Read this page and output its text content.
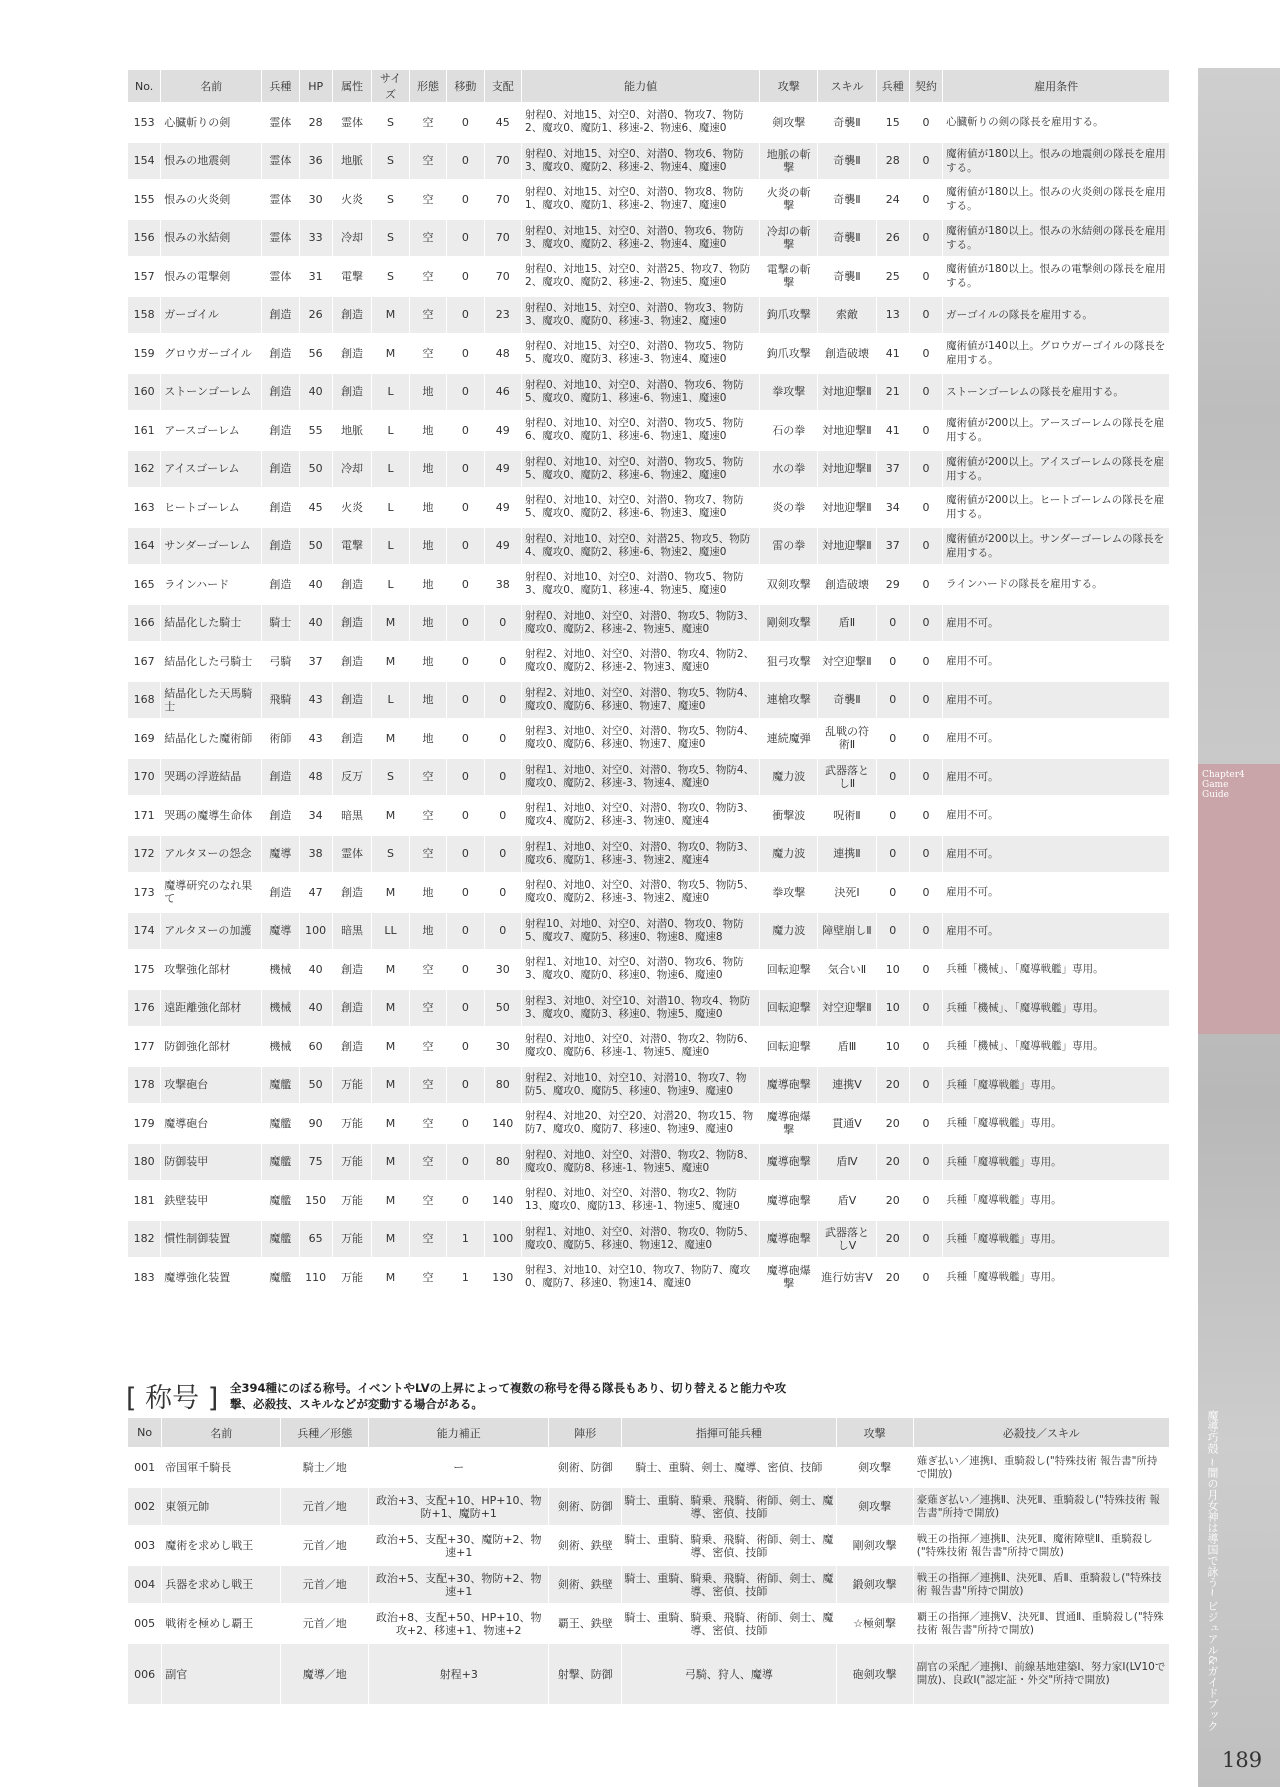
Chapter4
Game
Guide
魔導巧殻 ~闇の月女神は導国で詠う~ ビジュアル&ガイドブック
189
No.	名前	兵種	HP	属性	サイズ	形態	移動	支配	能力値	攻撃	スキル	兵種	契約	雇用条件
153	心臓斬りの剣	霊体	28	霊体	S	空	0	45	射程0、対地15、対空0、対潜0、物攻7、物防2、魔攻0、魔防1、移速-2、物速6、魔速0	剣攻撃	奇襲Ⅱ	15	0	心臓斬りの剣の隊長を雇用する。
154	恨みの地震剣	霊体	36	地脈	S	空	0	70	射程0、対地15、対空0、対潜0、物攻6、物防3、魔攻0、魔防2、移速-2、物速4、魔速0	地脈の斬撃	奇襲Ⅱ	28	0	魔術値が180以上。恨みの地震剣の隊長を雇用する。
155	恨みの火炎剣	霊体	30	火炎	S	空	0	70	射程0、対地15、対空0、対潜0、物攻8、物防1、魔攻0、魔防1、移速-2、物速7、魔速0	火炎の斬撃	奇襲Ⅱ	24	0	魔術値が180以上。恨みの火炎剣の隊長を雇用する。
156	恨みの氷結剣	霊体	33	冷却	S	空	0	70	射程0、対地15、対空0、対潜0、物攻6、物防3、魔攻0、魔防2、移速-2、物速4、魔速0	冷却の斬撃	奇襲Ⅱ	26	0	魔術値が180以上。恨みの氷結剣の隊長を雇用する。
157	恨みの電撃剣	霊体	31	電撃	S	空	0	70	射程0、対地15、対空0、対潜25、物攻7、物防2、魔攻0、魔防2、移速-2、物速5、魔速0	電撃の斬撃	奇襲Ⅱ	25	0	魔術値が180以上。恨みの電撃剣の隊長を雇用する。
158	ガーゴイル	創造	26	創造	M	空	0	23	射程0、対地15、対空0、対潜0、物攻3、物防3、魔攻0、魔防0、移速-3、物速2、魔速0	鉤爪攻撃	索敵	13	0	ガーゴイルの隊長を雇用する。
159	グロウガーゴイル	創造	56	創造	M	空	0	48	射程0、対地15、対空0、対潜0、物攻5、物防5、魔攻0、魔防3、移速-3、物速4、魔速0	鉤爪攻撃	創造破壊	41	0	魔術値が140以上。グロウガーゴイルの隊長を雇用する。
160	ストーンゴーレム	創造	40	創造	L	地	0	46	射程0、対地10、対空0、対潜0、物攻6、物防5、魔攻0、魔防1、移速-6、物速1、魔速0	拳攻撃	対地迎撃Ⅱ	21	0	ストーンゴーレムの隊長を雇用する。
161	アースゴーレム	創造	55	地脈	L	地	0	49	射程0、対地10、対空0、対潜0、物攻5、物防6、魔攻0、魔防1、移速-6、物速1、魔速0	石の拳	対地迎撃Ⅱ	41	0	魔術値が200以上。アースゴーレムの隊長を雇用する。
162	アイスゴーレム	創造	50	冷却	L	地	0	49	射程0、対地10、対空0、対潜0、物攻5、物防5、魔攻0、魔防2、移速-6、物速2、魔速0	水の拳	対地迎撃Ⅱ	37	0	魔術値が200以上。アイスゴーレムの隊長を雇用する。
163	ヒートゴーレム	創造	45	火炎	L	地	0	49	射程0、対地10、対空0、対潜0、物攻7、物防5、魔攻0、魔防2、移速-6、物速3、魔速0	炎の拳	対地迎撃Ⅱ	34	0	魔術値が200以上。ヒートゴーレムの隊長を雇用する。
164	サンダーゴーレム	創造	50	電撃	L	地	0	49	射程0、対地10、対空0、対潜25、物攻5、物防4、魔攻0、魔防2、移速-6、物速2、魔速0	雷の拳	対地迎撃Ⅱ	37	0	魔術値が200以上。サンダーゴーレムの隊長を雇用する。
165	ラインハード	創造	40	創造	L	地	0	38	射程0、対地10、対空0、対潜0、物攻5、物防3、魔攻0、魔防1、移速-4、物速5、魔速0	双剣攻撃	創造破壊	29	0	ラインハードの隊長を雇用する。
166	結晶化した騎士	騎士	40	創造	M	地	0	0	射程0、対地0、対空0、対潜0、物攻5、物防3、魔攻0、魔防2、移速-2、物速5、魔速0	剛剣攻撃	盾Ⅱ	0	0	雇用不可。
167	結晶化した弓騎士	弓騎	37	創造	M	地	0	0	射程2、対地0、対空0、対潜0、物攻4、物防2、魔攻0、魔防2、移速-2、物速3、魔速0	狙弓攻撃	対空迎撃Ⅱ	0	0	雇用不可。
168	結晶化した天馬騎士	飛騎	43	創造	L	地	0	0	射程2、対地0、対空0、対潜0、物攻5、物防4、魔攻0、魔防6、移速0、物速7、魔速0	連槍攻撃	奇襲Ⅱ	0	0	雇用不可。
169	結晶化した魔術師	術師	43	創造	M	地	0	0	射程3、対地0、対空0、対潜0、物攻5、物防4、魔攻0、魔防6、移速0、物速7、魔速0	連続魔弾	乱戦の符術Ⅱ	0	0	雇用不可。
170	哭瑪の浮遊結晶	創造	48	反万	S	空	0	0	射程1、対地0、対空0、対潜0、物攻5、物防4、魔攻0、魔防2、移速-3、物速4、魔速0	魔力波	武器落としⅡ	0	0	雇用不可。
171	哭瑪の魔導生命体	創造	34	暗黒	M	空	0	0	射程1、対地0、対空0、対潜0、物攻0、物防3、魔攻4、魔防2、移速-3、物速0、魔速4	衝撃波	呪術Ⅱ	0	0	雇用不可。
172	アルタヌーの怨念	魔導	38	霊体	S	空	0	0	射程1、対地0、対空0、対潜0、物攻0、物防3、魔攻6、魔防1、移速-3、物速2、魔速4	魔力波	連携Ⅱ	0	0	雇用不可。
173	魔導研究のなれ果て	創造	47	創造	M	地	0	0	射程0、対地0、対空0、対潜0、物攻5、物防5、魔攻0、魔防2、移速-3、物速2、魔速0	拳攻撃	決死Ⅰ	0	0	雇用不可。
174	アルタヌーの加護	魔導	100	暗黒	LL	地	0	0	射程10、対地0、対空0、対潜0、物攻0、物防5、魔攻7、魔防5、移速0、物速8、魔速8	魔力波	障壁崩しⅡ	0	0	雇用不可。
175	攻撃強化部材	機械	40	創造	M	空	0	30	射程1、対地10、対空0、対潜0、物攻6、物防3、魔攻0、魔防0、移速0、物速6、魔速0	回転迎撃	気合いⅡ	10	0	兵種「機械」、「魔導戦艦」専用。
176	遠距離強化部材	機械	40	創造	M	空	0	50	射程3、対地0、対空10、対潜10、物攻4、物防3、魔攻0、魔防3、移速0、物速5、魔速0	回転迎撃	対空迎撃Ⅱ	10	0	兵種「機械」、「魔導戦艦」専用。
177	防御強化部材	機械	60	創造	M	空	0	30	射程0、対地0、対空0、対潜0、物攻2、物防6、魔攻0、魔防6、移速-1、物速5、魔速0	回転迎撃	盾Ⅲ	10	0	兵種「機械」、「魔導戦艦」専用。
178	攻撃砲台	魔艦	50	万能	M	空	0	80	射程2、対地10、対空10、対潜10、物攻7、物防5、魔攻0、魔防5、移速0、物速9、魔速0	魔導砲撃	連携Ⅴ	20	0	兵種「魔導戦艦」専用。
179	魔導砲台	魔艦	90	万能	M	空	0	140	射程4、対地20、対空20、対潜20、物攻15、物防7、魔攻0、魔防7、移速0、物速9、魔速0	魔導砲爆撃	貫通Ⅴ	20	0	兵種「魔導戦艦」専用。
180	防御装甲	魔艦	75	万能	M	空	0	80	射程0、対地0、対空0、対潜0、物攻2、物防8、魔攻0、魔防8、移速-1、物速5、魔速0	魔導砲撃	盾Ⅳ	20	0	兵種「魔導戦艦」専用。
181	鉄壁装甲	魔艦	150	万能	M	空	0	140	射程0、対地0、対空0、対潜0、物攻2、物防13、魔攻0、魔防13、移速-1、物速5、魔速0	魔導砲撃	盾Ⅴ	20	0	兵種「魔導戦艦」専用。
182	慣性制御装置	魔艦	65	万能	M	空	1	100	射程1、対地0、対空0、対潜0、物攻0、物防5、魔攻0、魔防5、移速0、物速12、魔速0	魔導砲撃	武器落としⅤ	20	0	兵種「魔導戦艦」専用。
183	魔導強化装置	魔艦	110	万能	M	空	1	130	射程3、対地10、対空10、物攻7、物防7、魔攻0、魔防7、移速0、物速14、魔速0	魔導砲爆撃	進行妨害Ⅴ	20	0	兵種「魔導戦艦」専用。
[ 称号 ] 全394種にのぼる称号。イベントやLVの上昇によって複数の称号を得る隊長もあり、切り替えると能力や攻撃、必殺技、スキルなどが変動する場合がある。
No	名前	兵種／形態	能力補正	陣形	指揮可能兵種	攻撃	必殺技／スキル
001	帝国軍千騎長	騎士／地	ー	剣術、防御	騎士、重騎、剣士、魔導、密偵、技師	剣攻撃	薙ぎ払い／連携Ⅰ、重騎殺し("特殊技術 報告書"所持で開放)
002	東領元帥	元首／地	政治+3、支配+10、HP+10、物防+1、魔防+1	剣術、防御	騎士、重騎、騎乗、飛騎、術師、剣士、魔導、密偵、技師	剣攻撃	豪薙ぎ払い／連携Ⅱ、決死Ⅱ、重騎殺し("特殊技術 報告書"所持で開放)
003	魔術を求めし戦王	元首／地	政治+5、支配+30、魔防+2、物速+1	剣術、鉄壁	騎士、重騎、騎乗、飛騎、術師、剣士、魔導、密偵、技師	剛剣攻撃	戦王の指揮／連携Ⅱ、決死Ⅱ、魔術障壁Ⅱ、重騎殺し("特殊技術 報告書"所持で開放)
004	兵器を求めし戦王	元首／地	政治+5、支配+30、物防+2、物速+1	剣術、鉄壁	騎士、重騎、騎乗、飛騎、術師、剣士、魔導、密偵、技師	鍛剣攻撃	戦王の指揮／連携Ⅱ、決死Ⅱ、盾Ⅱ、重騎殺し("特殊技術 報告書"所持で開放)
005	戦術を極めし覇王	元首／地	政治+8、支配+50、HP+10、物攻+2、移速+1、物速+2	覇王、鉄壁	騎士、重騎、騎乗、飛騎、術師、剣士、魔導、密偵、技師	☆極剣撃	覇王の指揮／連携Ⅴ、決死Ⅱ、貫通Ⅱ、重騎殺し("特殊技術 報告書"所持で開放)
006	副官	魔導／地	射程+3	射撃、防御	弓騎、狩人、魔導	砲剣攻撃	副官の采配／連携Ⅰ、前線基地建築Ⅰ、努力家Ⅰ(LV10で開放)、良政Ⅰ("認定証・外交"所持で開放)
